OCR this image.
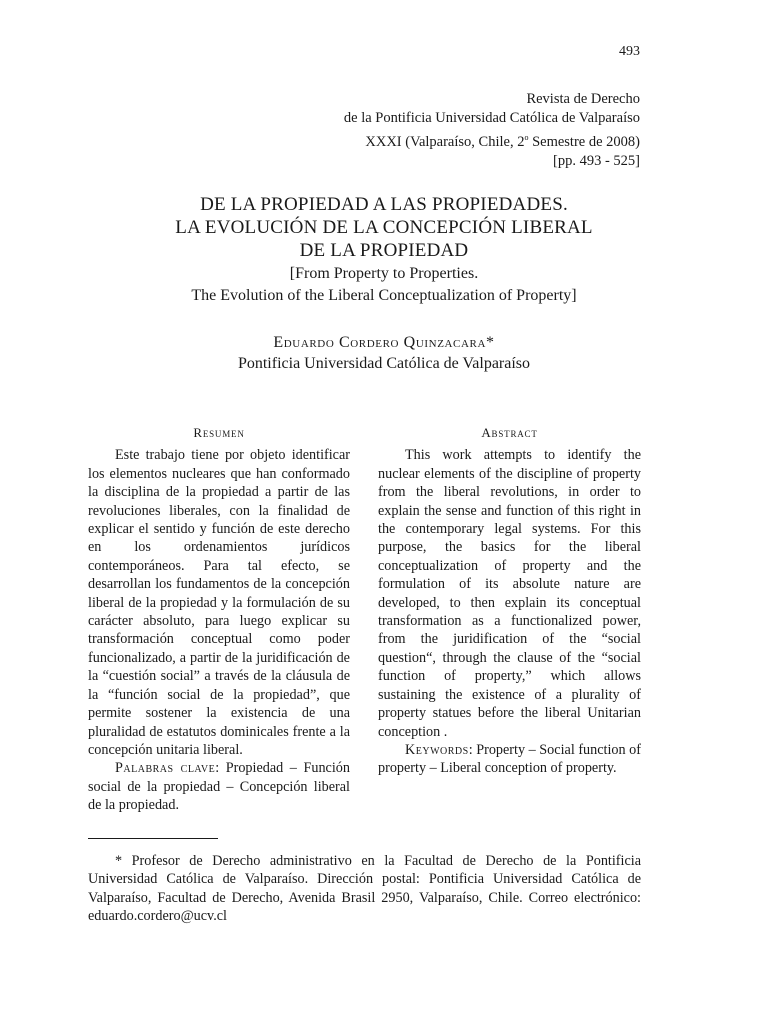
493
Revista de Derecho
de la Pontificia Universidad Católica de Valparaíso
XXXI (Valparaíso, Chile, 2$^o$ Semestre de 2008)
[pp. 493 - 525]
DE LA PROPIEDAD A LAS PROPIEDADES.
LA EVOLUCIÓN DE LA CONCEPCIÓN LIBERAL
DE LA PROPIEDAD
[From Property to Properties.
The Evolution of the Liberal Conceptualization of Property]
Eduardo Cordero Quinzacara*
Pontificia Universidad Católica de Valparaíso
Resumen

Este trabajo tiene por objeto identificar los elementos nucleares que han conformado la disciplina de la propiedad a partir de las revoluciones liberales, con la finalidad de explicar el sentido y función de este derecho en los ordenamientos jurídicos contemporáneos. Para tal efecto, se desarrollan los fundamentos de la concepción liberal de la propiedad y la formulación de su carácter absoluto, para luego explicar su transformación conceptual como poder funcionalizado, a partir de la juridificación de la “cuestión social” a través de la cláusula de la “función social de la propiedad”, que permite sostener la existencia de una pluralidad de estatutos dominicales frente a la concepción unitaria liberal.

Palabras clave: Propiedad – Función social de la propiedad – Concepción liberal de la propiedad.

Abstract

This work attempts to identify the nuclear elements of the discipline of property from the liberal revolutions, in order to explain the sense and function of this right in the contemporary legal systems. For this purpose, the basics for the liberal conceptualization of property and the formulation of its absolute nature are developed, to then explain its conceptual transformation as a functionalized power, from the juridification of the “social question“, through the clause of the “social function of property,” which allows sustaining the existence of a plurality of property statues before the liberal Unitarian conception .

Keywords: Property – Social function of property – Liberal conception of property.

* Profesor de Derecho administrativo en la Facultad de Derecho de la Pontificia Universidad Católica de Valparaíso. Dirección postal: Pontificia Universidad Católica de Valparaíso, Facultad de Derecho, Avenida Brasil 2950, Valparaíso, Chile. Correo electrónico: eduardo.cordero@ucv.cl
